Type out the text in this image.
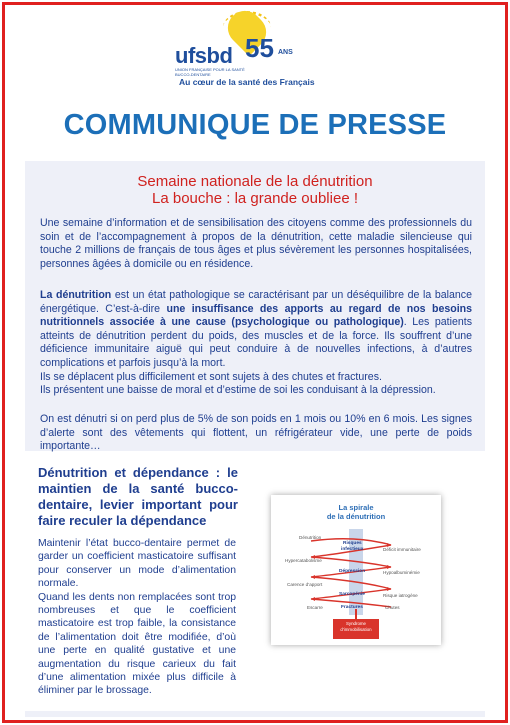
ufsbd 55 ANS
UNION FRANÇAISE POUR LA SANTÉ BUCCO-DENTAIRE
Au cœur de la santé des Français
COMMUNIQUE DE PRESSE
Semaine nationale de la dénutrition
La bouche : la grande oubliee !

Une semaine d’information et de sensibilisation des citoyens comme des professionnels du soin et de l’accompagnement à propos de la dénutrition, cette maladie silencieuse qui touche 2 millions de français de tous âges et plus sévèrement les personnes hospitalisées, personnes âgées à domicile ou en résidence.

La dénutrition est un état pathologique se caractérisant par un déséquilibre de la balance énergétique. C’est-à-dire une insuffisance des apports au regard de nos besoins nutritionnels associée à une cause (psychologique ou pathologique). Les patients atteints de dénutrition perdent du poids, des muscles et de la force. Ils souffrent d’une déficience immunitaire aiguë qui peut conduire à de nouvelles infections, à d’autres complications et parfois jusqu’à la mort.
Ils se déplacent plus difficilement et sont sujets à des chutes et fractures.
Ils présentent une baisse de moral et d’estime de soi les conduisant à la dépression.

On est dénutri si on perd plus de 5% de son poids en 1 mois ou 10% en 6 mois. Les signes d’alerte sont des vêtements qui flottent, un réfrigérateur vide, une perte de poids importante…

Dénutrition et dépendance : le maintien de la santé bucco-dentaire, levier important pour faire reculer la dépendance

Maintenir l’état bucco-dentaire permet de garder un coefficient masticatoire suffisant pour conserver un mode d’alimentation normale.
Quand les dents non remplacées sont trop nombreuses et que le coefficient masticatoire est trop faible, la consistance de l’alimentation doit être modifiée, d’où une perte en qualité gustative et une augmentation du risque carieux du fait d’une alimentation mixée plus difficile à éliminer par le brossage.

La spirale
de la dénutrition
Dénutrition
Risques
infectieux	Déficit immunitaire
Hypercatabolisme
Dépression	Hypoalbuminémie
Carence d’apport
Sarcopénie	Risque iatrogène
Escarre	Fractures	Chutes
Syndrome d’immobilisation
